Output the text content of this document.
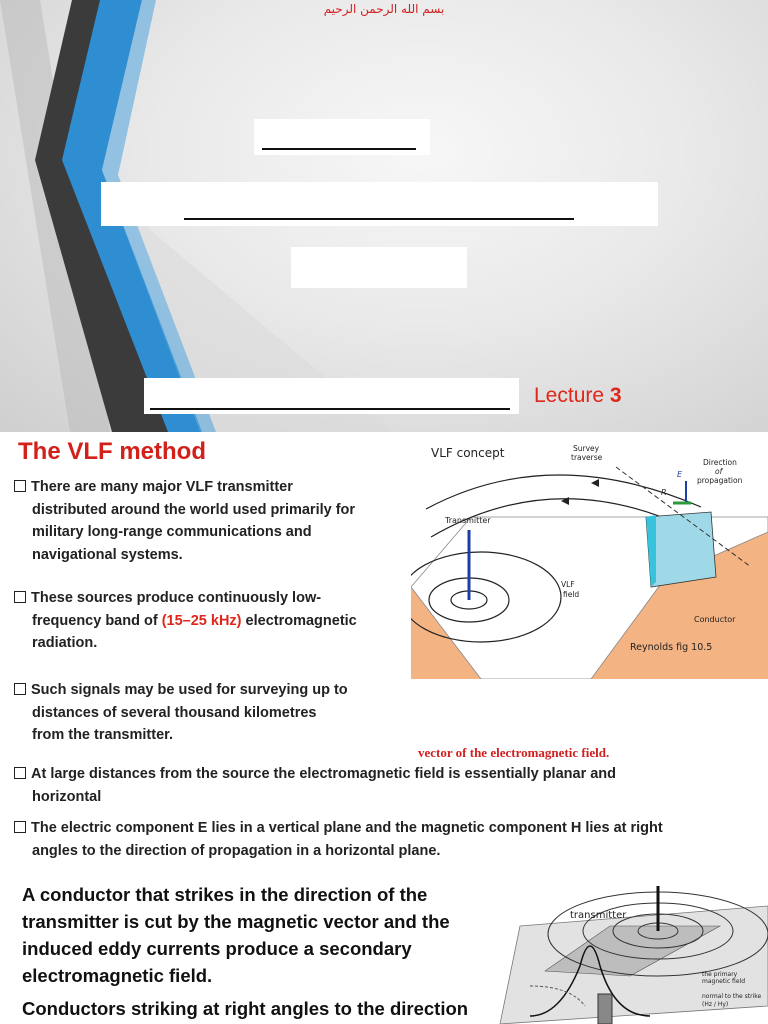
بسم الله الرحمن الرحيم
Lecture 3
The VLF method
There are many major VLF transmitter
distributed around the world used primarily for
military long-range communications and
navigational systems.
These sources produce continuously low-
frequency band of (15–25 kHz) electromagnetic
radiation.
Such signals may be used for surveying up to
distances of several thousand kilometres
from the transmitter.
vector of the electromagnetic field.
At large distances from the source the electromagnetic field is essentially planar and
horizontal
The electric component E lies in a vertical plane and the magnetic component H lies at right
angles to the direction of propagation in a horizontal plane.
A conductor that strikes in the direction of the
transmitter is cut by the magnetic vector and the
induced eddy currents produce a secondary
electromagnetic field.
Conductors striking at right angles to the direction
Transmitter
E
R
VLF concept	Survey
traverse
Direction
of
propagation
VLF
field
Conductor
Reynolds fig 10.5
transmitter
the primary
magnetic field
normal to the strike
(Hz / Hy)
